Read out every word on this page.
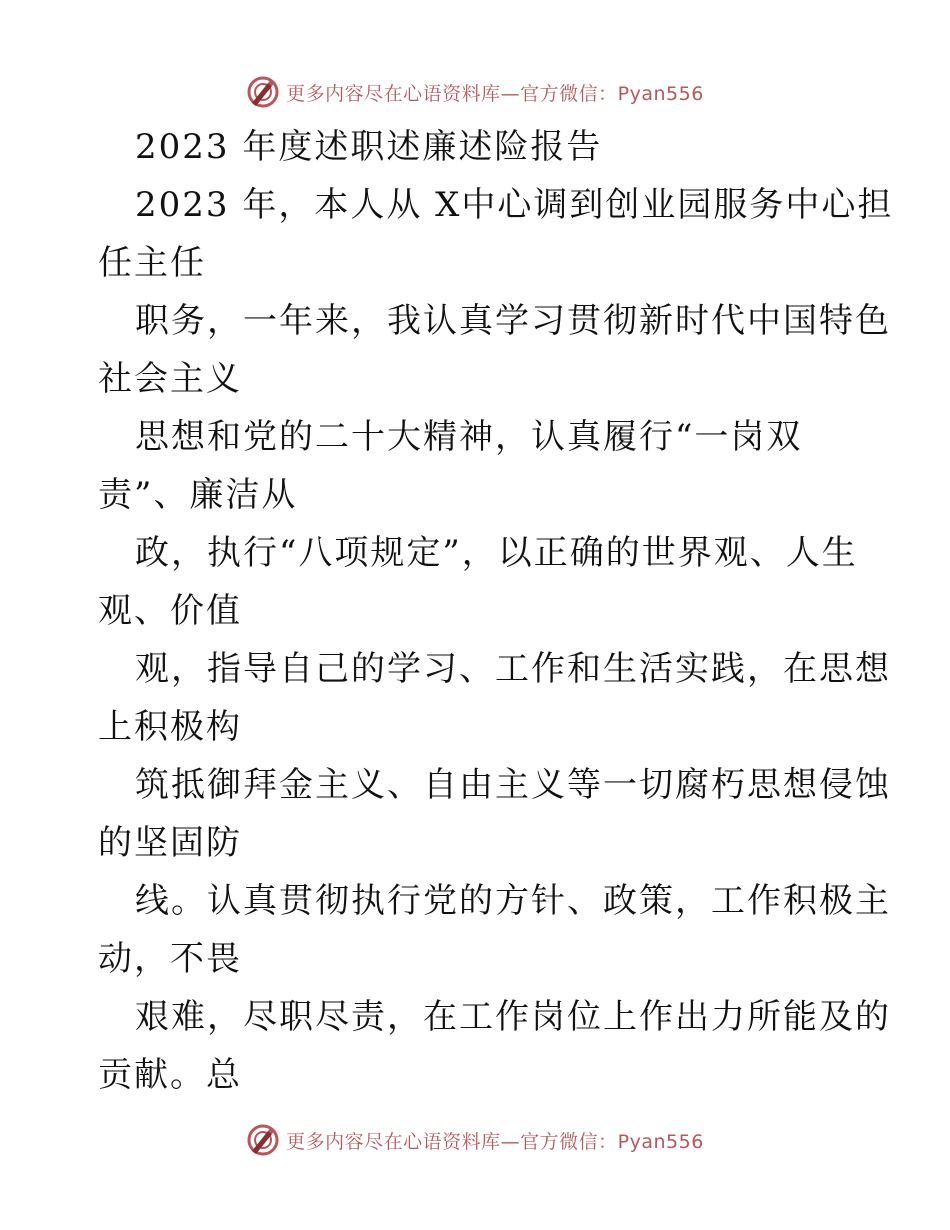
更多内容尽在心语资料库—官方微信：Pyan556
2023 年度述职述廉述险报告
2023 年，本人从 X中心调到创业园服务中心担
任主任
职务，一年来，我认真学习贯彻新时代中国特色
社会主义
思想和党的二十大精神，认真履行“一岗双
责”、廉洁从
政，执行“八项规定”，以正确的世界观、人生
观、价值
观，指导自己的学习、工作和生活实践，在思想
上积极构
筑抵御拜金主义、自由主义等一切腐朽思想侵蚀
的坚固防
线。认真贯彻执行党的方针、政策，工作积极主
动，不畏
艰难，尽职尽责，在工作岗位上作出力所能及的
贡献。总
更多内容尽在心语资料库—官方微信：Pyan556
